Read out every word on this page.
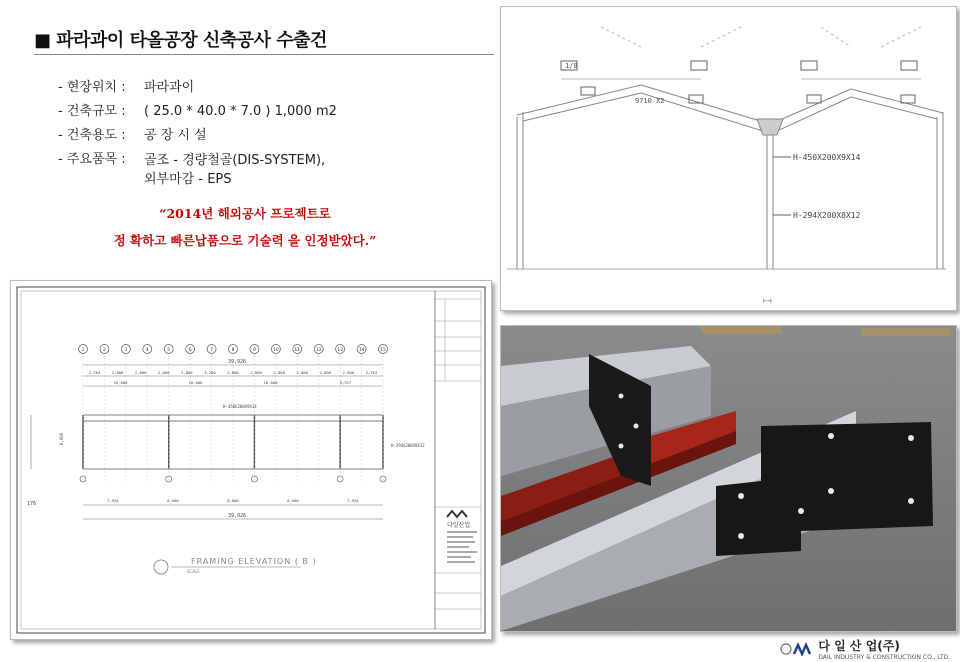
■ 파라과이 타올공장 신축공사 수출건
- 현장위치 :	파라과이
- 건축규모 :	( 25.0 * 40.0 * 7.0 ) 1,000 m2
- 건축용도 :	공 장 시 설
- 주요품목 :	골조 - 경량철골(DIS-SYSTEM),
외부마감 - EPS
“2014년 해외공사 프로젝트로
정 확하고 빠른납품으로 기술력 을 인정받았다.”
9710 X2
1/8
H-450X200X9X14
H-294X200X8X12
⊢⊣
다일산업
1	2	3	4	5	6	7	8	9	10	11	12	13	14	15
2,763	2,800	2,800	2,800	2,800	3,200	2,800	2,800	2,800	2,800	2,800	2,800	2,763
10,000	10,000	10,000	9,917
7,926	8,000	8,000	8,000	7,926
H-450X200X9X14
H-294X200X8X12
6,000
176
39,926
39,926
FRAMING ELEVATION ( B )
SCALE
다 일 산 업(주)
DAIL INDUSTRY & CONSTRUCTION CO., LTD.
